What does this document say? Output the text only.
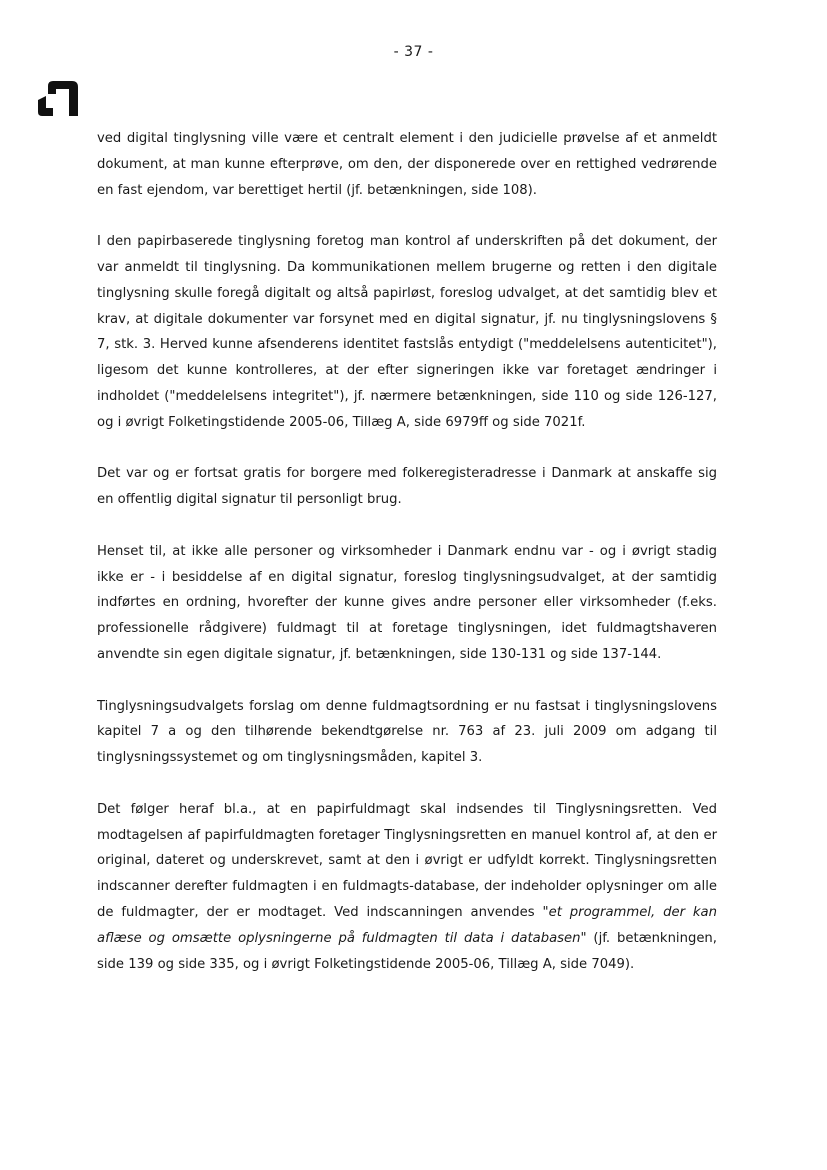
- 37 -

ved digital tinglysning ville være et centralt element i den judicielle prøvelse af et anmeldt dokument, at man kunne efterprøve, om den, der disponerede over en rettighed vedrørende en fast ejendom, var berettiget hertil (jf. betænkningen, side 108).

I den papirbaserede tinglysning foretog man kontrol af underskriften på det dokument, der var anmeldt til tinglysning. Da kommunikationen mellem brugerne og retten i den digitale tinglysning skulle foregå digitalt og altså papirløst, foreslog udvalget, at det samtidig blev et krav, at digitale dokumenter var forsynet med en digital signatur, jf. nu tinglysningslovens § 7, stk. 3. Herved kunne afsenderens identitet fastslås entydigt ("meddelelsens autenticitet"), ligesom det kunne kontrolleres, at der efter signeringen ikke var foretaget ændringer i indholdet ("meddelelsens integritet"), jf. nærmere betænkningen, side 110 og side 126-127, og i øvrigt Folketingstidende 2005-06, Tillæg A, side 6979ff og side 7021f.

Det var og er fortsat gratis for borgere med folkeregisteradresse i Danmark at anskaffe sig en offentlig digital signatur til personligt brug.

Henset til, at ikke alle personer og virksomheder i Danmark endnu var - og i øvrigt stadig ikke er - i besiddelse af en digital signatur, foreslog tinglysningsudvalget, at der samtidig indførtes en ordning, hvorefter der kunne gives andre personer eller virksomheder (f.eks. professionelle rådgivere) fuldmagt til at foretage tinglysningen, idet fuldmagtshaveren anvendte sin egen digitale signatur, jf. betænkningen, side 130-131 og side 137-144.

Tinglysningsudvalgets forslag om denne fuldmagtsordning er nu fastsat i tinglysningslovens kapitel 7 a og den tilhørende bekendtgørelse nr. 763 af 23. juli 2009 om adgang til tinglysningssystemet og om tinglysningsmåden, kapitel 3.

Det følger heraf bl.a., at en papirfuldmagt skal indsendes til Tinglysningsretten. Ved modtagelsen af papirfuldmagten foretager Tinglysningsretten en manuel kontrol af, at den er original, dateret og underskrevet, samt at den i øvrigt er udfyldt korrekt. Tinglysningsretten indscanner derefter fuldmagten i en fuldmagts-database, der indeholder oplysninger om alle de fuldmagter, der er modtaget. Ved indscanningen anvendes "et programmel, der kan aflæse og omsætte oplysningerne på fuldmagten til data i databasen" (jf. betænkningen, side 139 og side 335, og i øvrigt Folketingstidende 2005-06, Tillæg A, side 7049).
